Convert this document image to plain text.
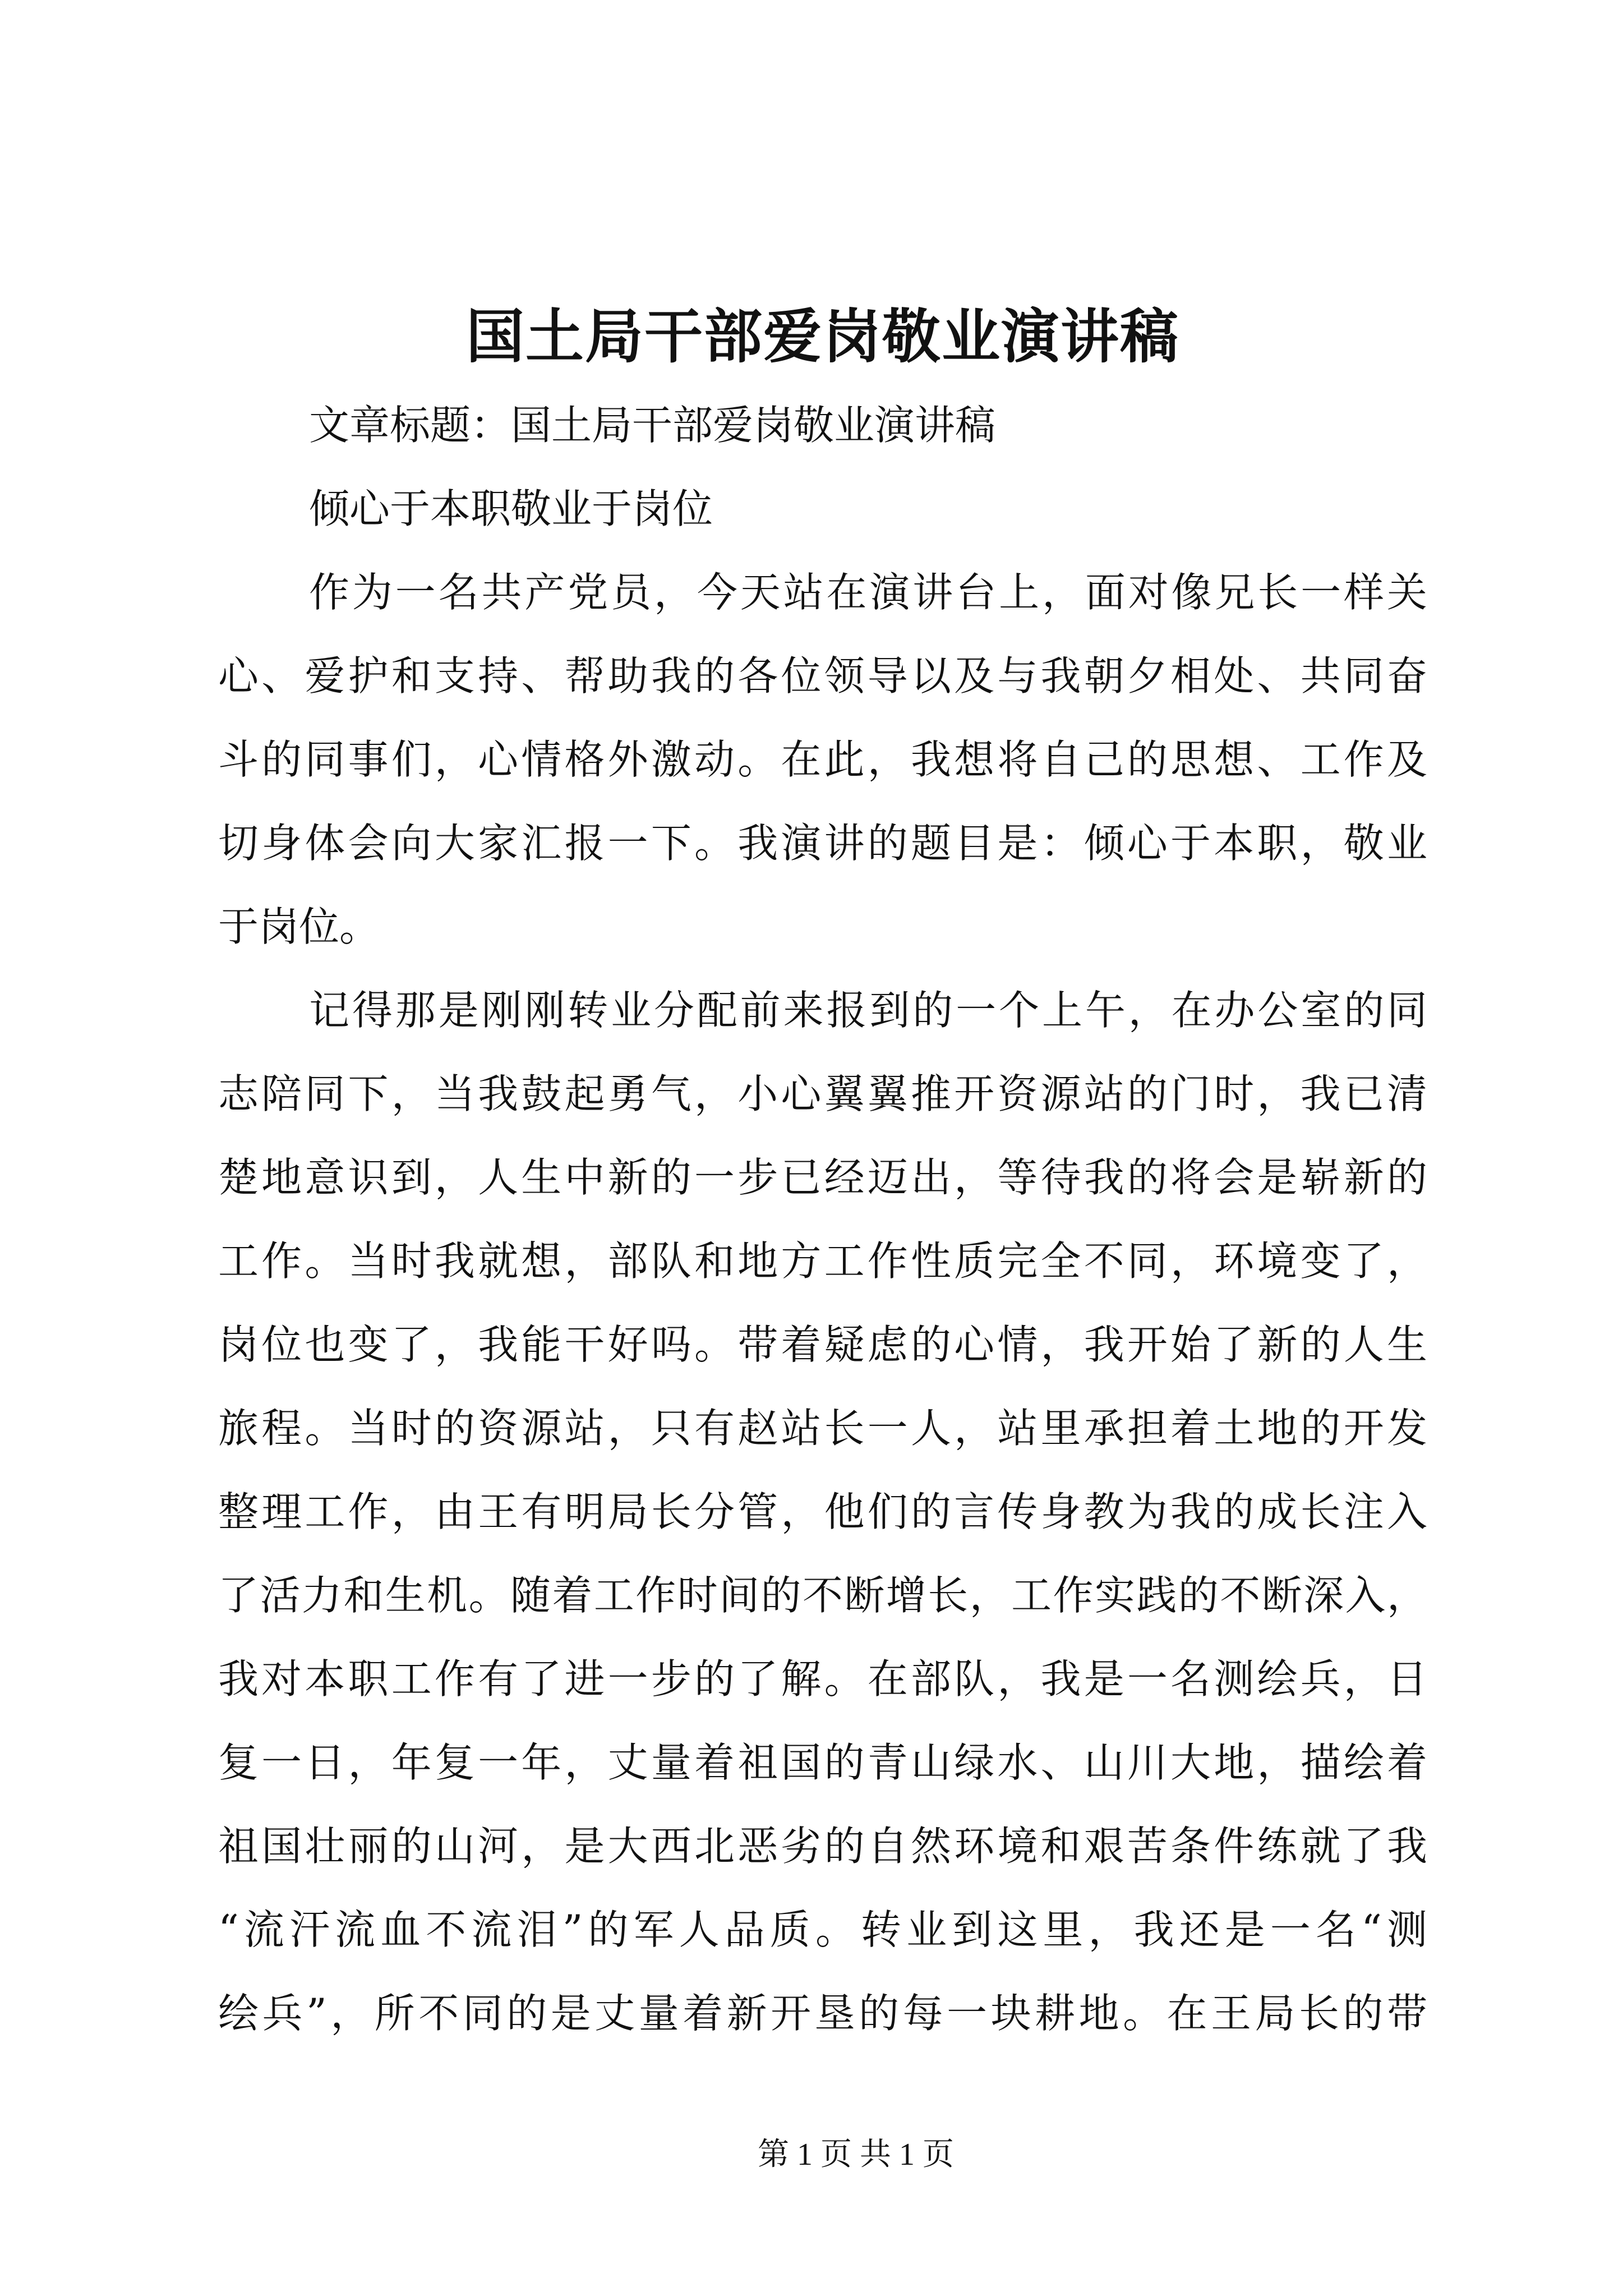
国土局干部爱岗敬业演讲稿
文章标题：国土局干部爱岗敬业演讲稿
倾心于本职敬业于岗位
作为一名共产党员，今天站在演讲台上，面对像兄长一样关
心、爱护和支持、帮助我的各位领导以及与我朝夕相处、共同奋
斗的同事们，心情格外激动。在此，我想将自己的思想、工作及
切身体会向大家汇报一下。我演讲的题目是：倾心于本职，敬业
于岗位。
记得那是刚刚转业分配前来报到的一个上午，在办公室的同
志陪同下，当我鼓起勇气，小心翼翼推开资源站的门时，我已清
楚地意识到，人生中新的一步已经迈出，等待我的将会是崭新的
工作。当时我就想，部队和地方工作性质完全不同，环境变了，
岗位也变了，我能干好吗。带着疑虑的心情，我开始了新的人生
旅程。当时的资源站，只有赵站长一人，站里承担着土地的开发
整理工作，由王有明局长分管，他们的言传身教为我的成长注入
了活力和生机。随着工作时间的不断增长，工作实践的不断深入，
我对本职工作有了进一步的了解。在部队，我是一名测绘兵，日
复一日，年复一年，丈量着祖国的青山绿水、山川大地，描绘着
祖国壮丽的山河，是大西北恶劣的自然环境和艰苦条件练就了我
“流汗流血不流泪”的军人品质。转业到这里，我还是一名“测
绘兵”，所不同的是丈量着新开垦的每一块耕地。在王局长的带
第 1 页 共 1 页
